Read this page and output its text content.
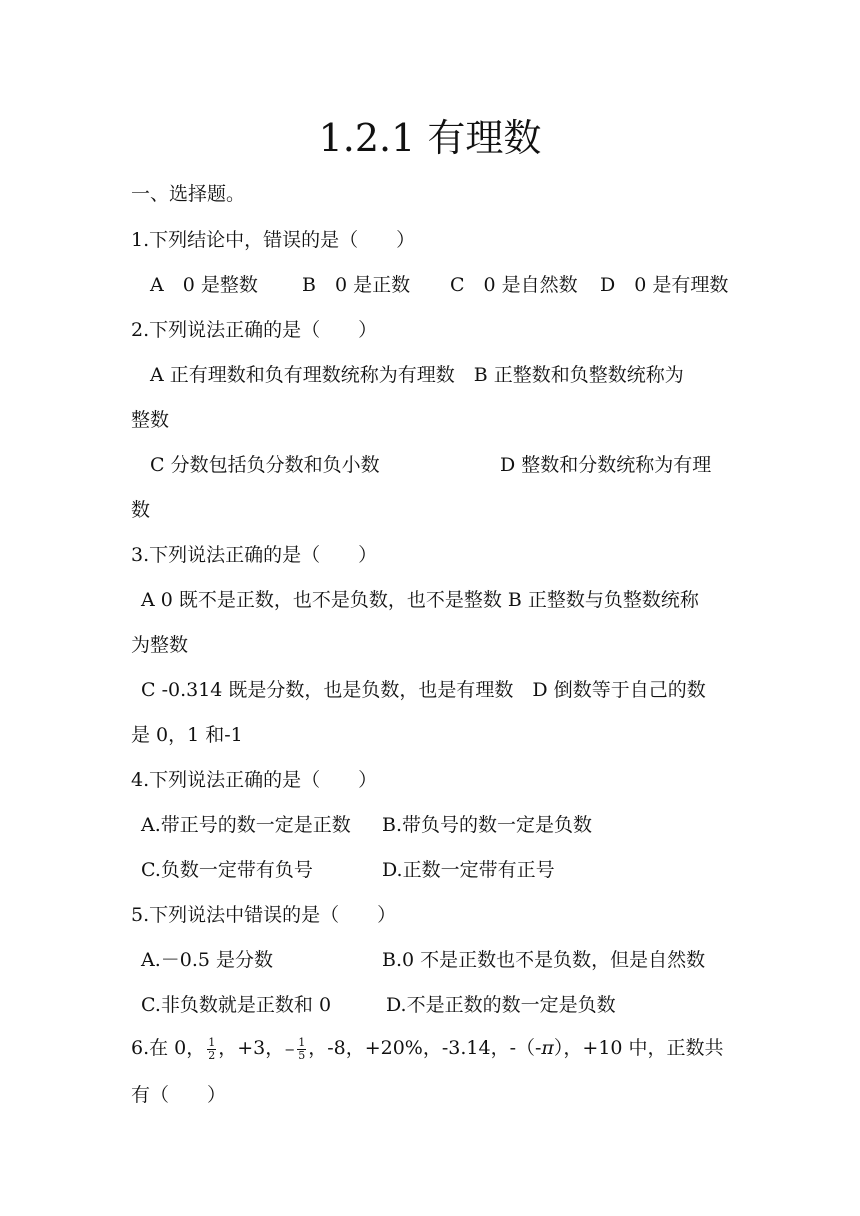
1.2.1 有理数
一、选择题。
1.下列结论中，错误的是（　　）
A　0 是整数 B　0 是正数 C　0 是自然数 D　0 是有理数
2.下列说法正确的是（　　）
A 正有理数和负有理数统称为有理数　B 正整数和负整数统称为
整数
C 分数包括负分数和负小数	D 整数和分数统称为有理
数
3.下列说法正确的是（　　）
A 0 既不是正数，也不是负数，也不是整数 B 正整数与负整数统称
为整数
C -0.314 既是分数，也是负数，也是有理数　D 倒数等于自己的数
是 0，1 和-1
4.下列说法正确的是（　　）
A.带正号的数一定是正数 B.带负号的数一定是负数
C.负数一定带有负号	D.正数一定带有正号
5.下列说法中错误的是（　　）
A.－0.5 是分数	B.0 不是正数也不是负数，但是自然数
C.非负数就是正数和 0	D.不是正数的数一定是负数
6.在 0， $\frac{1}{2}$ ，+3，− $\frac{1}{5}$ ，-8，+20%，-3.14，-（-π），+10 中，正数共
有（　　）
